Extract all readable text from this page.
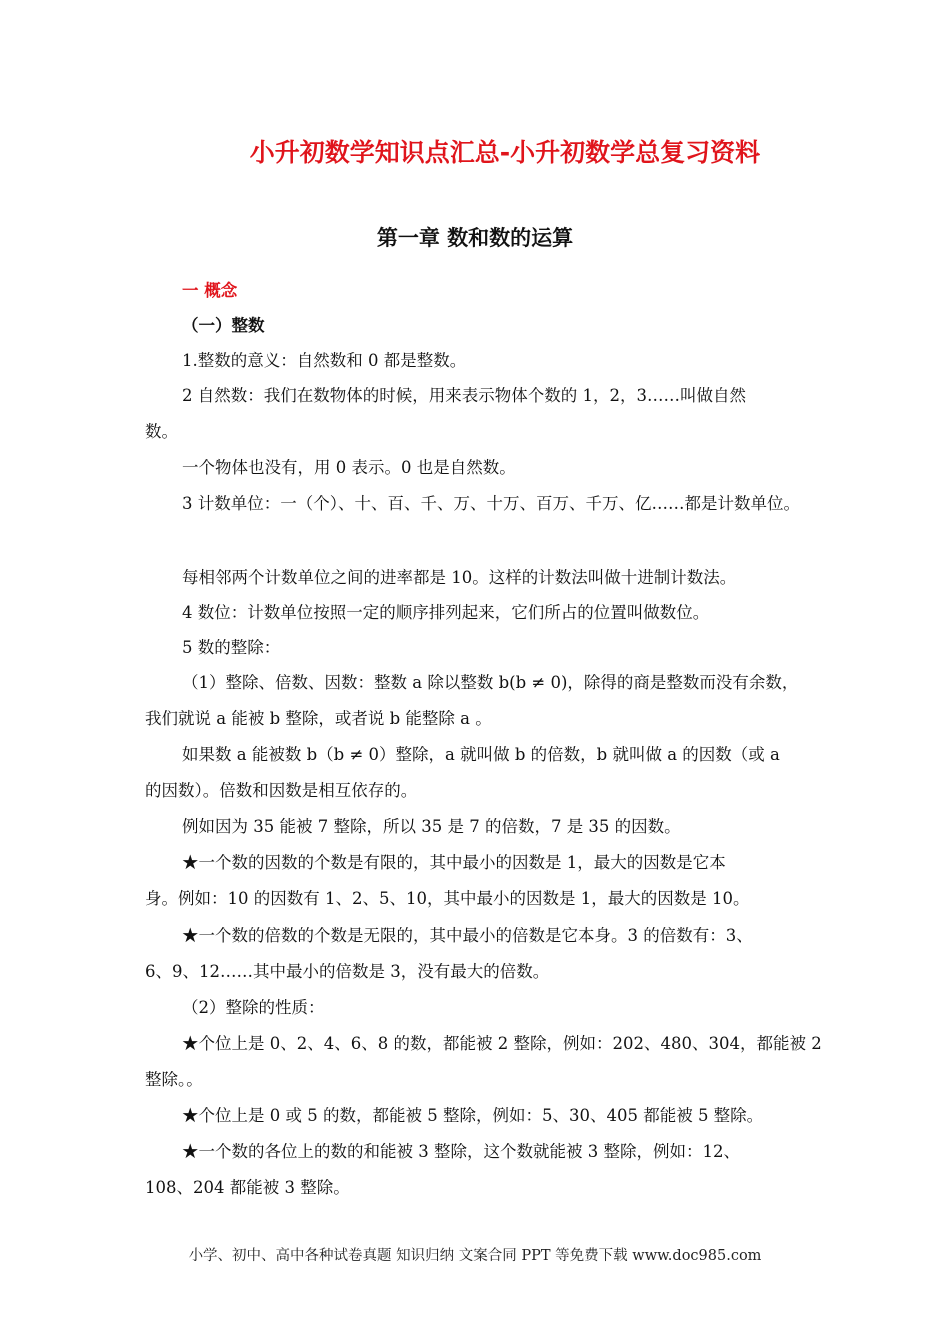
小升初数学知识点汇总-小升初数学总复习资料
第一章 数和数的运算
一 概念
（一）整数
1.整数的意义：自然数和 0 都是整数。
2 自然数：我们在数物体的时候，用来表示物体个数的 1，2，3……叫做自然
数。
一个物体也没有，用 0 表示。0 也是自然数。
3 计数单位：一（个）、十、百、千、万、十万、百万、千万、亿……都是计数单位。
每相邻两个计数单位之间的进率都是 10。这样的计数法叫做十进制计数法。
4 数位：计数单位按照一定的顺序排列起来，它们所占的位置叫做数位。
5 数的整除：
（1）整除、倍数、因数：整数 a 除以整数 b(b ≠ 0)，除得的商是整数而没有余数，
我们就说 a 能被 b 整除，或者说 b 能整除 a 。
如果数 a 能被数 b（b ≠ 0）整除，a 就叫做 b 的倍数，b 就叫做 a 的因数（或 a
的因数）。倍数和因数是相互依存的。
例如因为 35 能被 7 整除，所以 35 是 7 的倍数，7 是 35 的因数。
★一个数的因数的个数是有限的，其中最小的因数是 1，最大的因数是它本
身。例如：10 的因数有 1、2、5、10，其中最小的因数是 1，最大的因数是 10。
★一个数的倍数的个数是无限的，其中最小的倍数是它本身。3 的倍数有：3、
6、9、12……其中最小的倍数是 3，没有最大的倍数。
（2）整除的性质：
★个位上是 0、2、4、6、8 的数，都能被 2 整除，例如：202、480、304，都能被 2
整除。。
★个位上是 0 或 5 的数，都能被 5 整除，例如：5、30、405 都能被 5 整除。
★一个数的各位上的数的和能被 3 整除，这个数就能被 3 整除，例如：12、
108、204 都能被 3 整除。
小学、初中、高中各种试卷真题 知识归纳 文案合同 PPT 等免费下载 www.doc985.com
